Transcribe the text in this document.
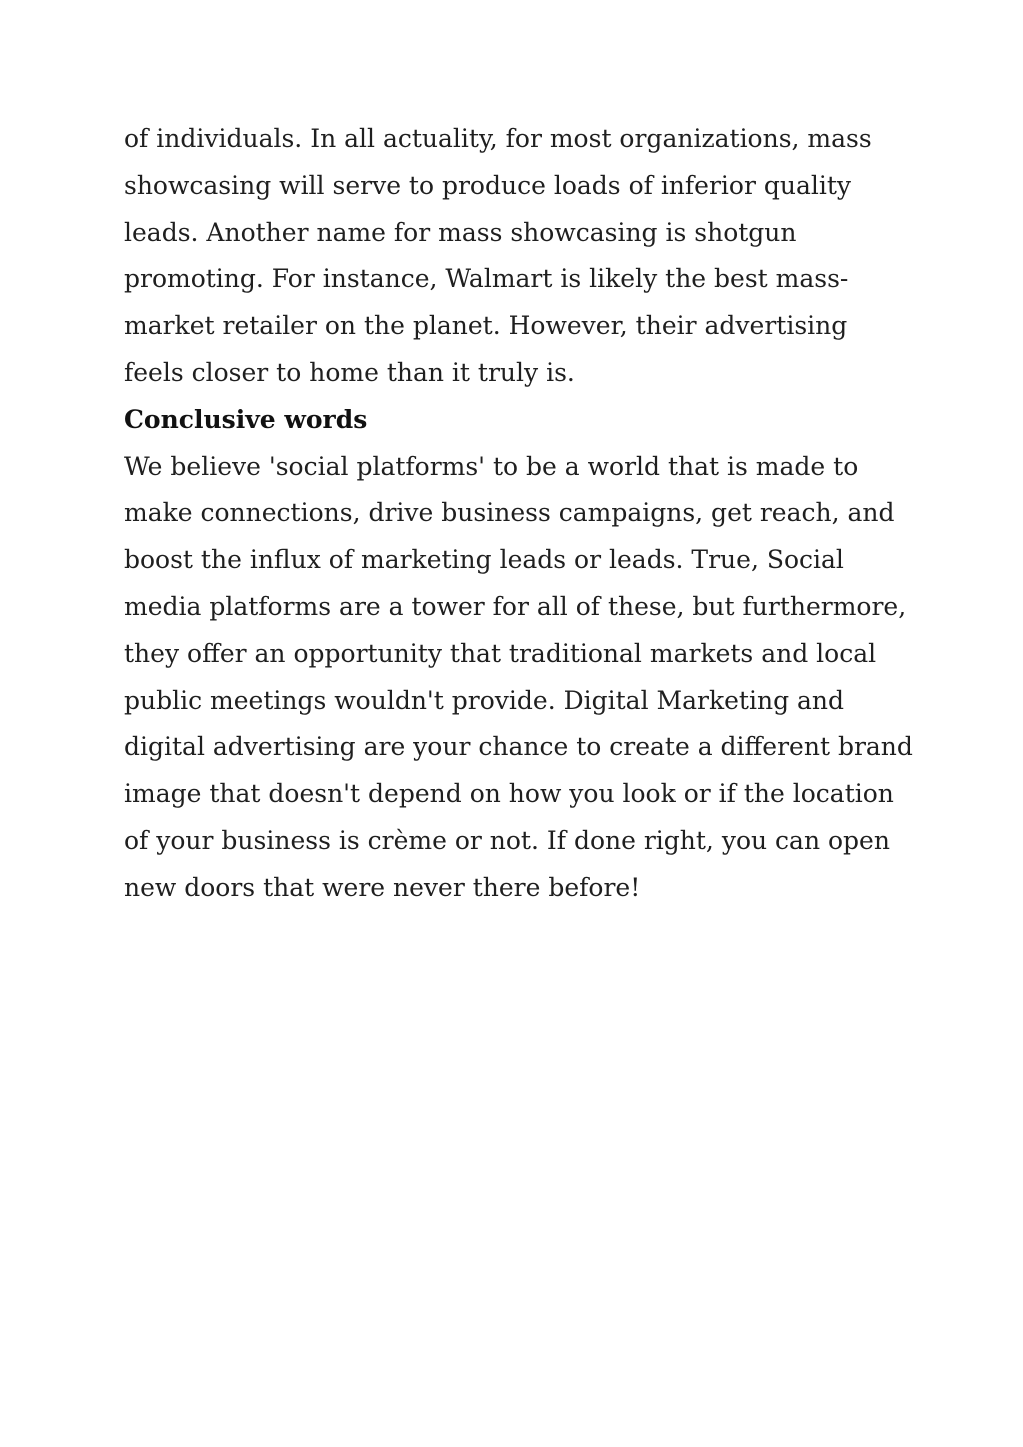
of individuals. In all actuality, for most organizations, mass showcasing will serve to produce loads of inferior quality leads. Another name for mass showcasing is shotgun promoting. For instance, Walmart is likely the best mass-market retailer on the planet. However, their advertising feels closer to home than it truly is.

Conclusive words

We believe 'social platforms' to be a world that is made to make connections, drive business campaigns, get reach, and boost the influx of marketing leads or leads. True, Social media platforms are a tower for all of these, but furthermore, they offer an opportunity that traditional markets and local public meetings wouldn't provide. Digital Marketing and digital advertising are your chance to create a different brand image that doesn't depend on how you look or if the location of your business is crème or not. If done right, you can open new doors that were never there before!
